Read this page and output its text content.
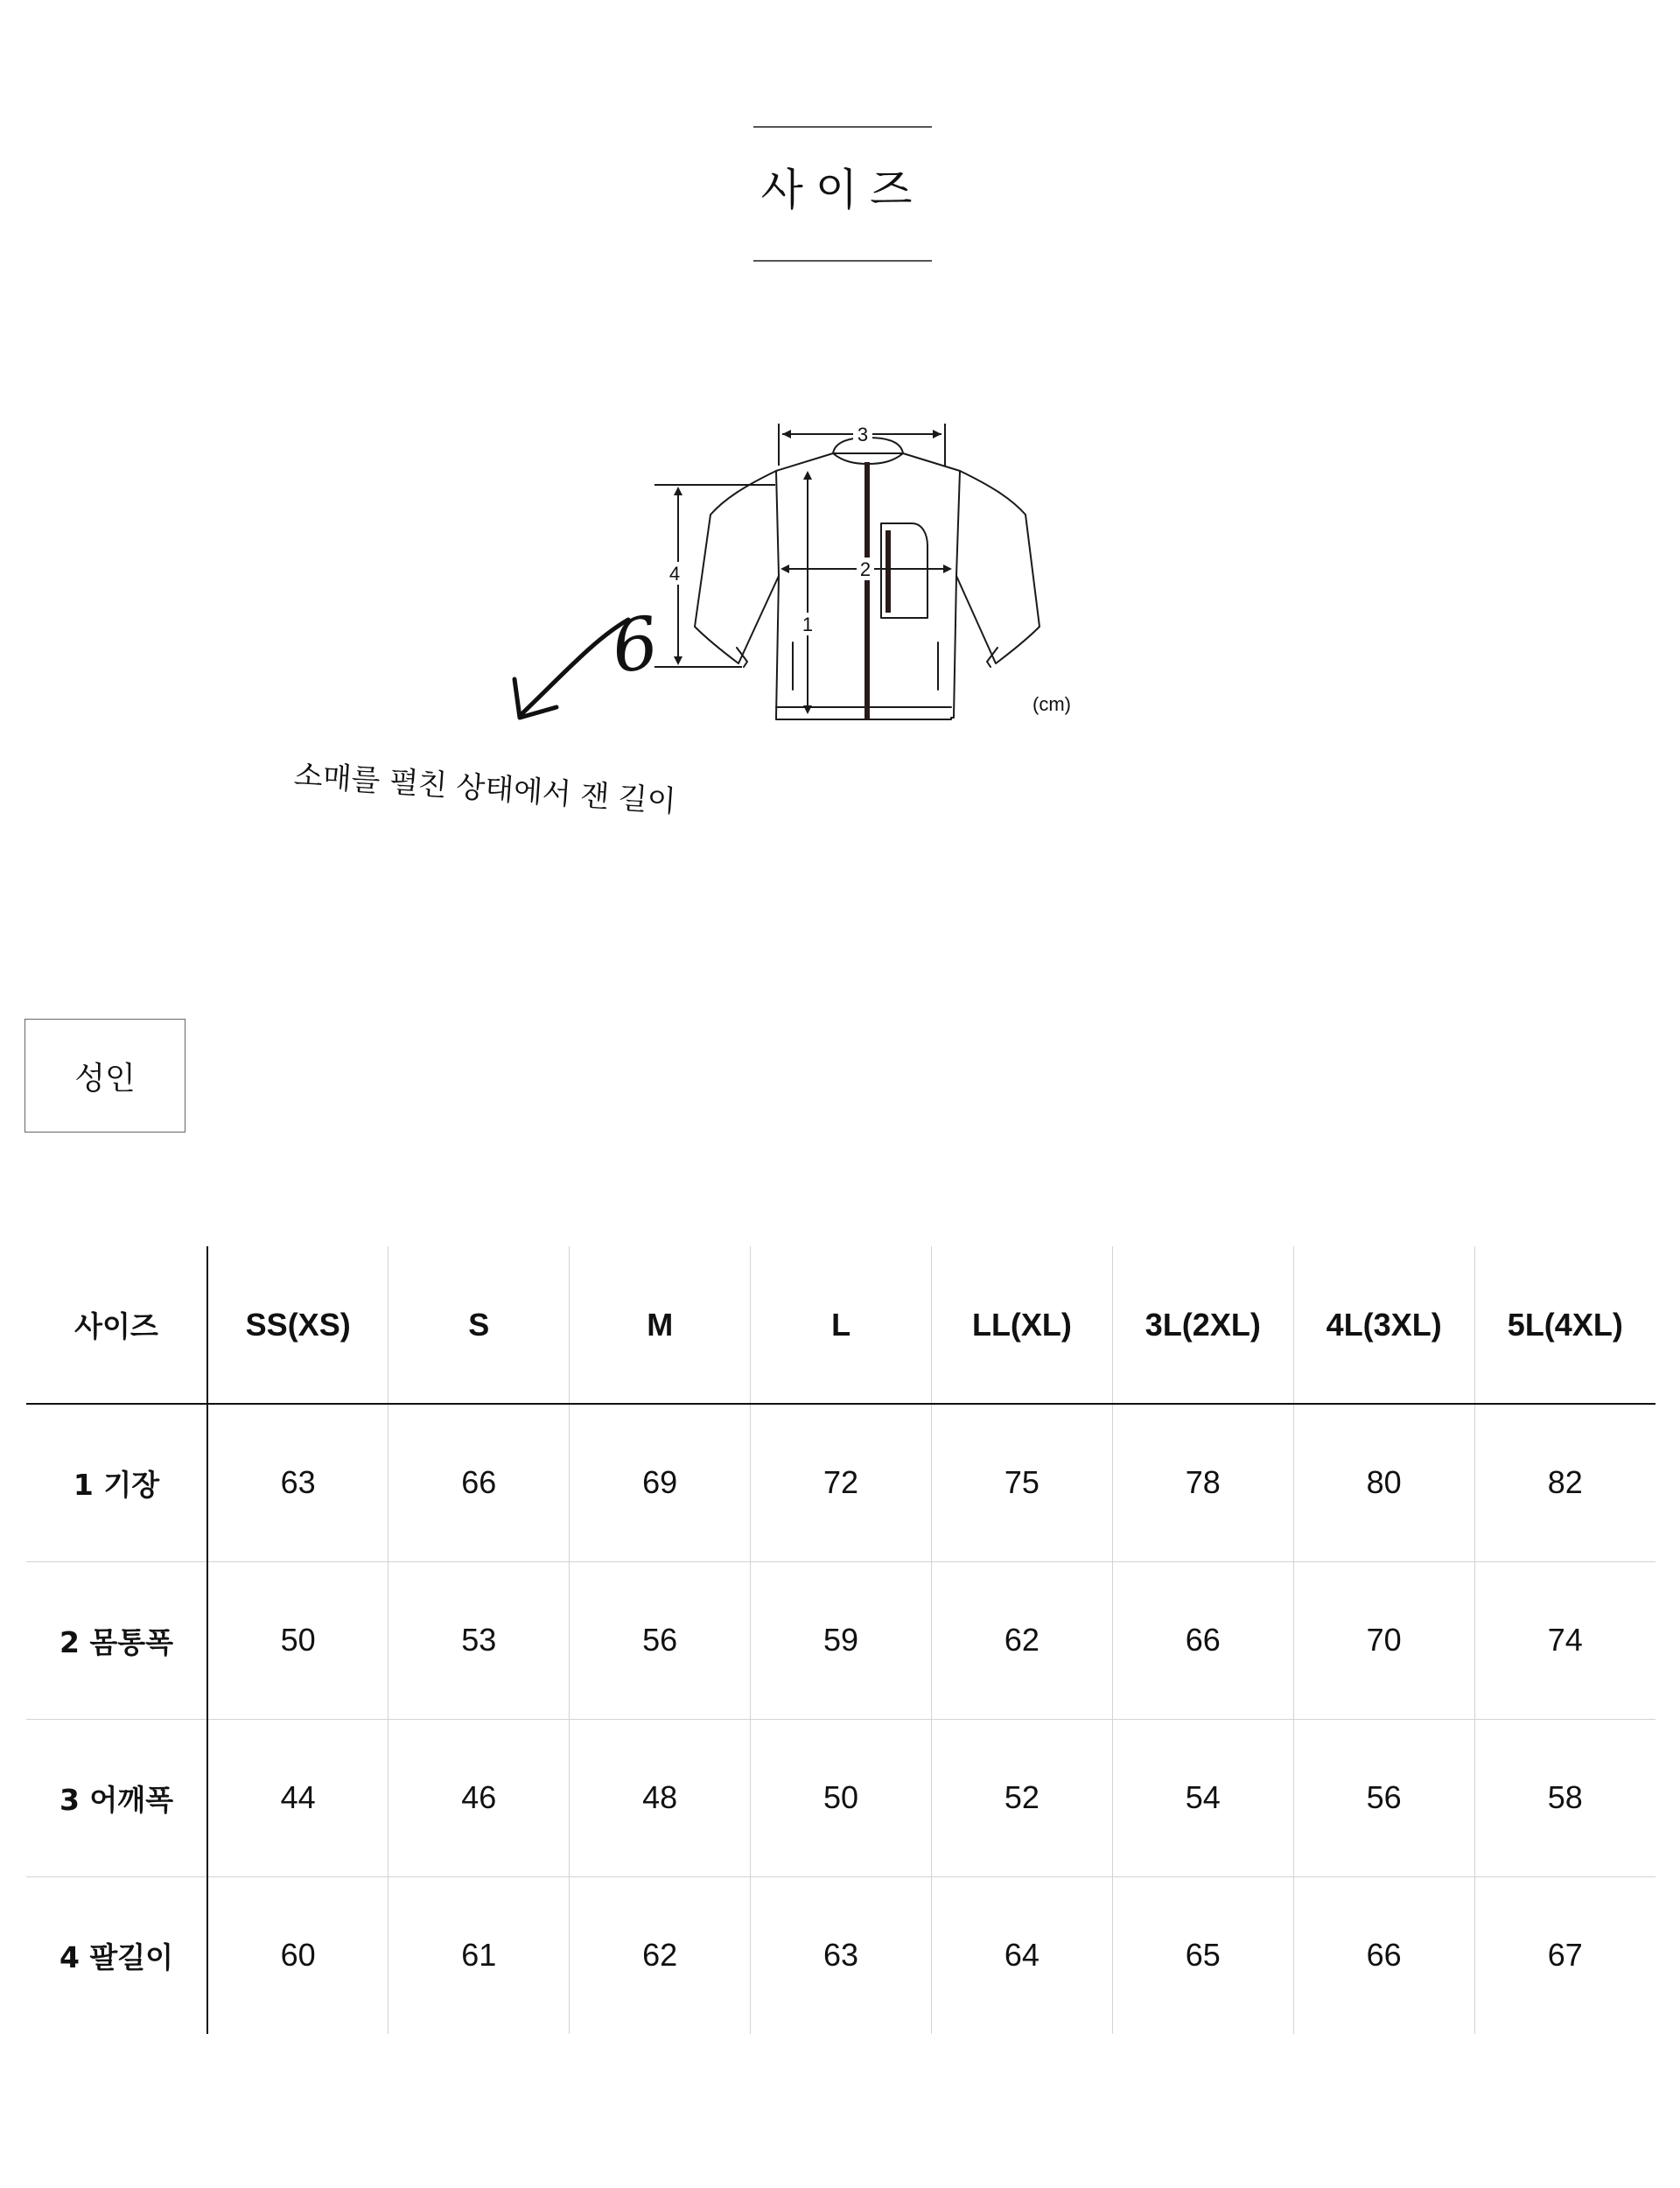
사이즈
3
2
1
4
6
(cm)
소매를 펼친 상태에서 잰 길이
성인
사이즈	SS(XS)	S	M	L	LL(XL)	3L(2XL)	4L(3XL)	5L(4XL)
1 기장	63	66	69	72	75	78	80	82
2 몸통폭	50	53	56	59	62	66	70	74
3 어깨폭	44	46	48	50	52	54	56	58
4 팔길이	60	61	62	63	64	65	66	67
